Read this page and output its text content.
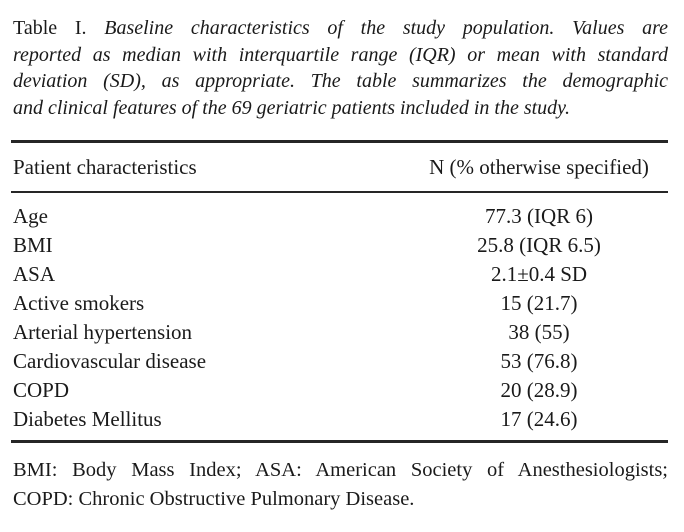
Table I. Baseline characteristics of the study population. Values are
reported as median with interquartile range (IQR) or mean with standard
deviation (SD), as appropriate. The table summarizes the demographic
and clinical features of the 69 geriatric patients included in the study.
Patient characteristics	N (% otherwise specified)
Age	77.3 (IQR 6)
BMI	25.8 (IQR 6.5)
ASA	2.1±0.4 SD
Active smokers	15 (21.7)
Arterial hypertension	38 (55)
Cardiovascular disease	53 (76.8)
COPD	20 (28.9)
Diabetes Mellitus	17 (24.6)
BMI: Body Mass Index; ASA: American Society of Anesthesiologists;
COPD: Chronic Obstructive Pulmonary Disease.
